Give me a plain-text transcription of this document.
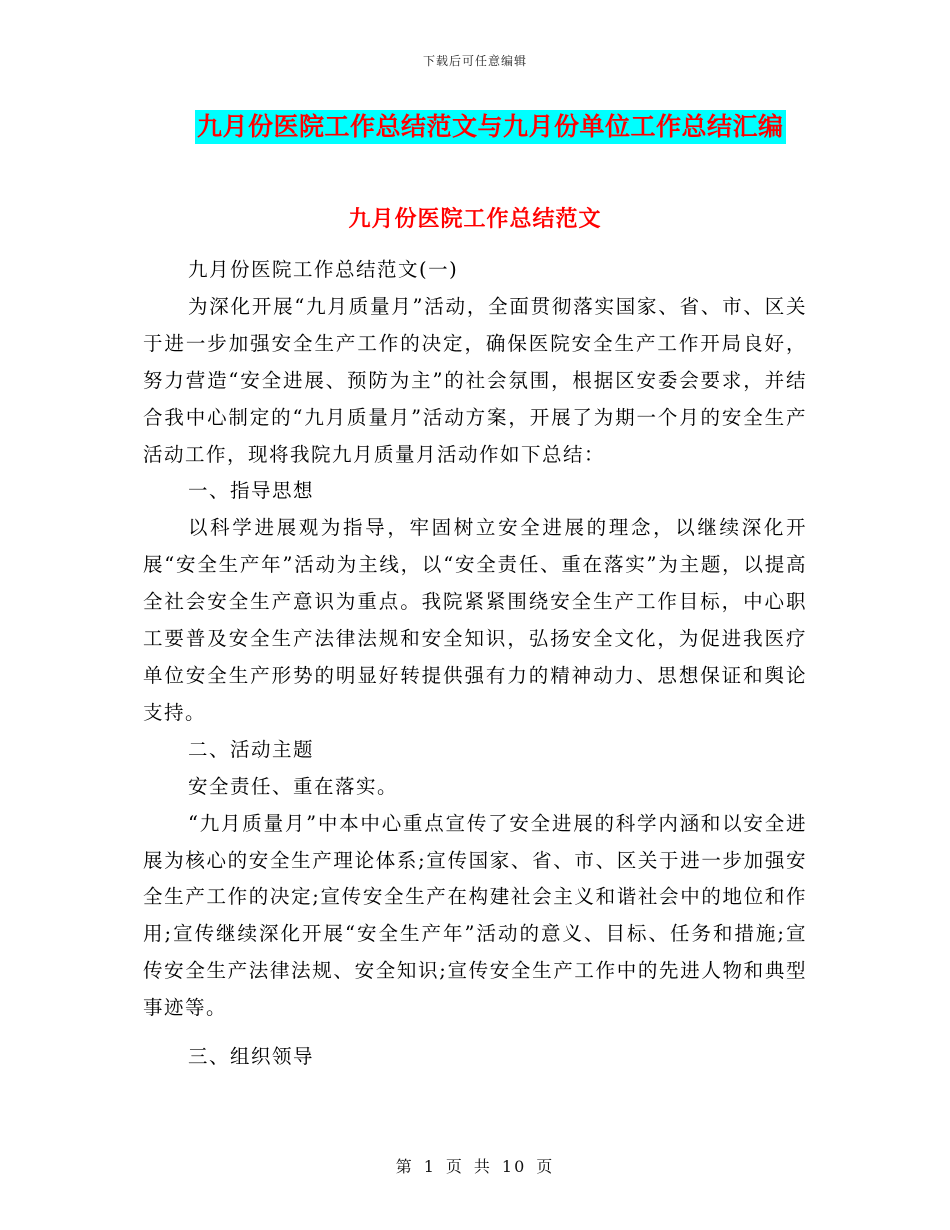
下载后可任意编辑
九月份医院工作总结范文与九月份单位工作总结汇编
九月份医院工作总结范文

九月份医院工作总结范文(一)

为深化开展“九月质量月”活动，全面贯彻落实国家、省、市、区关于进一步加强安全生产工作的决定，确保医院安全生产工作开局良好，努力营造“安全进展、预防为主”的社会氛围，根据区安委会要求，并结合我中心制定的“九月质量月”活动方案，开展了为期一个月的安全生产活动工作，现将我院九月质量月活动作如下总结：

一、指导思想

以科学进展观为指导，牢固树立安全进展的理念，以继续深化开展“安全生产年”活动为主线，以“安全责任、重在落实”为主题，以提高全社会安全生产意识为重点。我院紧紧围绕安全生产工作目标，中心职工要普及安全生产法律法规和安全知识，弘扬安全文化，为促进我医疗单位安全生产形势的明显好转提供强有力的精神动力、思想保证和舆论支持。

二、活动主题

安全责任、重在落实。

“九月质量月”中本中心重点宣传了安全进展的科学内涵和以安全进展为核心的安全生产理论体系;宣传国家、省、市、区关于进一步加强安全生产工作的决定;宣传安全生产在构建社会主义和谐社会中的地位和作用;宣传继续深化开展“安全生产年”活动的意义、目标、任务和措施;宣传安全生产法律法规、安全知识;宣传安全生产工作中的先进人物和典型事迹等。

三、组织领导

第 1 页 共 10 页
